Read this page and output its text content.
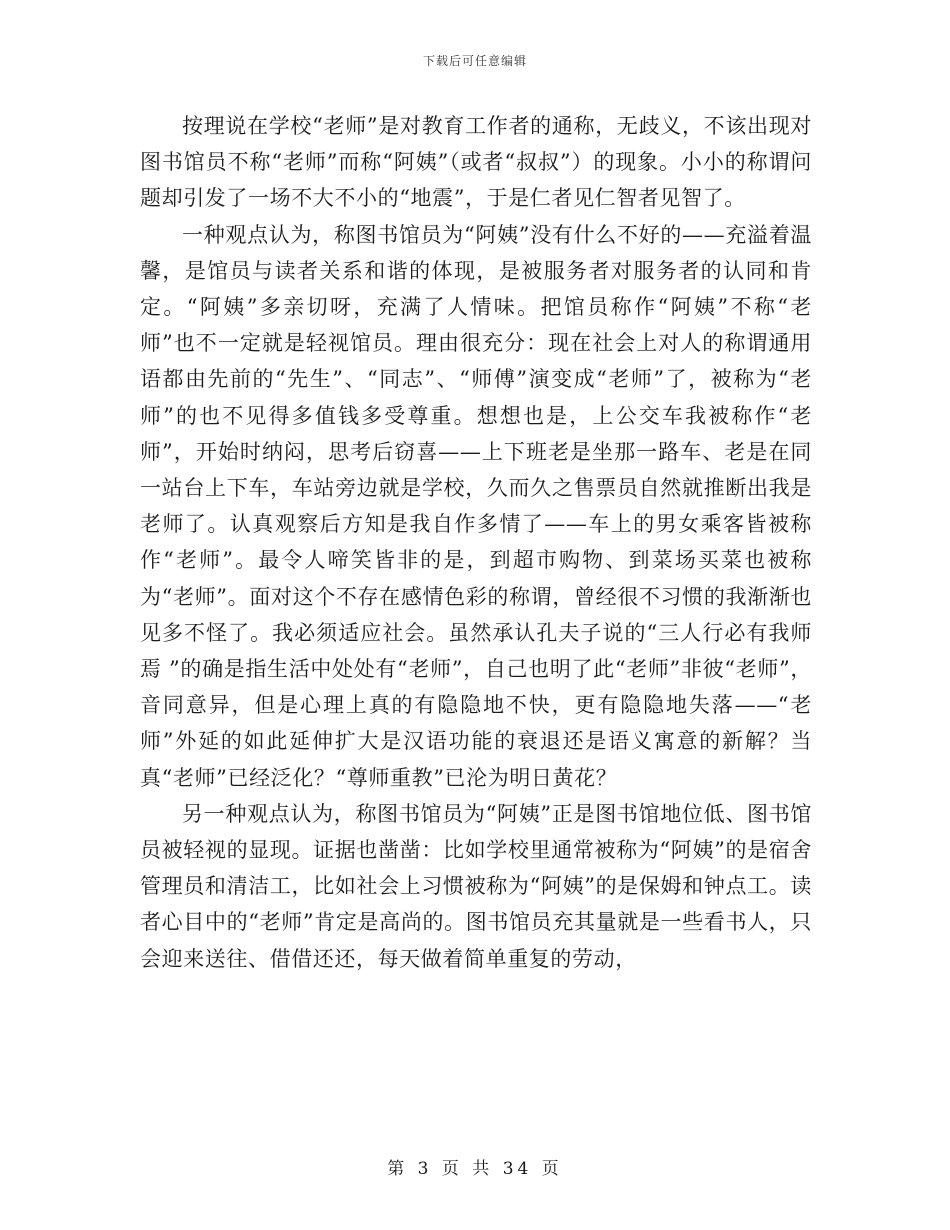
下载后可任意编辑

按理说在学校“老师”是对教育工作者的通称，无歧义，不该出现对图书馆员不称“老师”而称“阿姨”（或者“叔叔”）的现象。小小的称谓问题却引发了一场不大不小的“地震”，于是仁者见仁智者见智了。

一种观点认为，称图书馆员为“阿姨”没有什么不好的——充溢着温馨，是馆员与读者关系和谐的体现，是被服务者对服务者的认同和肯定。“阿姨”多亲切呀，充满了人情味。把馆员称作“阿姨”不称“老师”也不一定就是轻视馆员。理由很充分：现在社会上对人的称谓通用语都由先前的“先生”、“同志”、“师傅”演变成“老师”了，被称为“老师”的也不见得多值钱多受尊重。想想也是，上公交车我被称作“老师”，开始时纳闷，思考后窃喜——上下班老是坐那一路车、老是在同一站台上下车，车站旁边就是学校，久而久之售票员自然就推断出我是老师了。认真观察后方知是我自作多情了——车上的男女乘客皆被称作“老师”。最令人啼笑皆非的是，到超市购物、到菜场买菜也被称为“老师”。面对这个不存在感情色彩的称谓，曾经很不习惯的我渐渐也见多不怪了。我必须适应社会。虽然承认孔夫子说的“三人行必有我师焉 ”的确是指生活中处处有“老师”，自己也明了此“老师”非彼“老师”，音同意异，但是心理上真的有隐隐地不快，更有隐隐地失落——“老师”外延的如此延伸扩大是汉语功能的衰退还是语义寓意的新解？当真“老师”已经泛化？“尊师重教”已沦为明日黄花？

另一种观点认为，称图书馆员为“阿姨”正是图书馆地位低、图书馆员被轻视的显现。证据也凿凿：比如学校里通常被称为“阿姨”的是宿舍管理员和清洁工，比如社会上习惯被称为“阿姨”的是保姆和钟点工。读者心目中的“老师”肯定是高尚的。图书馆员充其量就是一些看书人，只会迎来送往、借借还还，每天做着简单重复的劳动，

第 3 页 共 34 页
